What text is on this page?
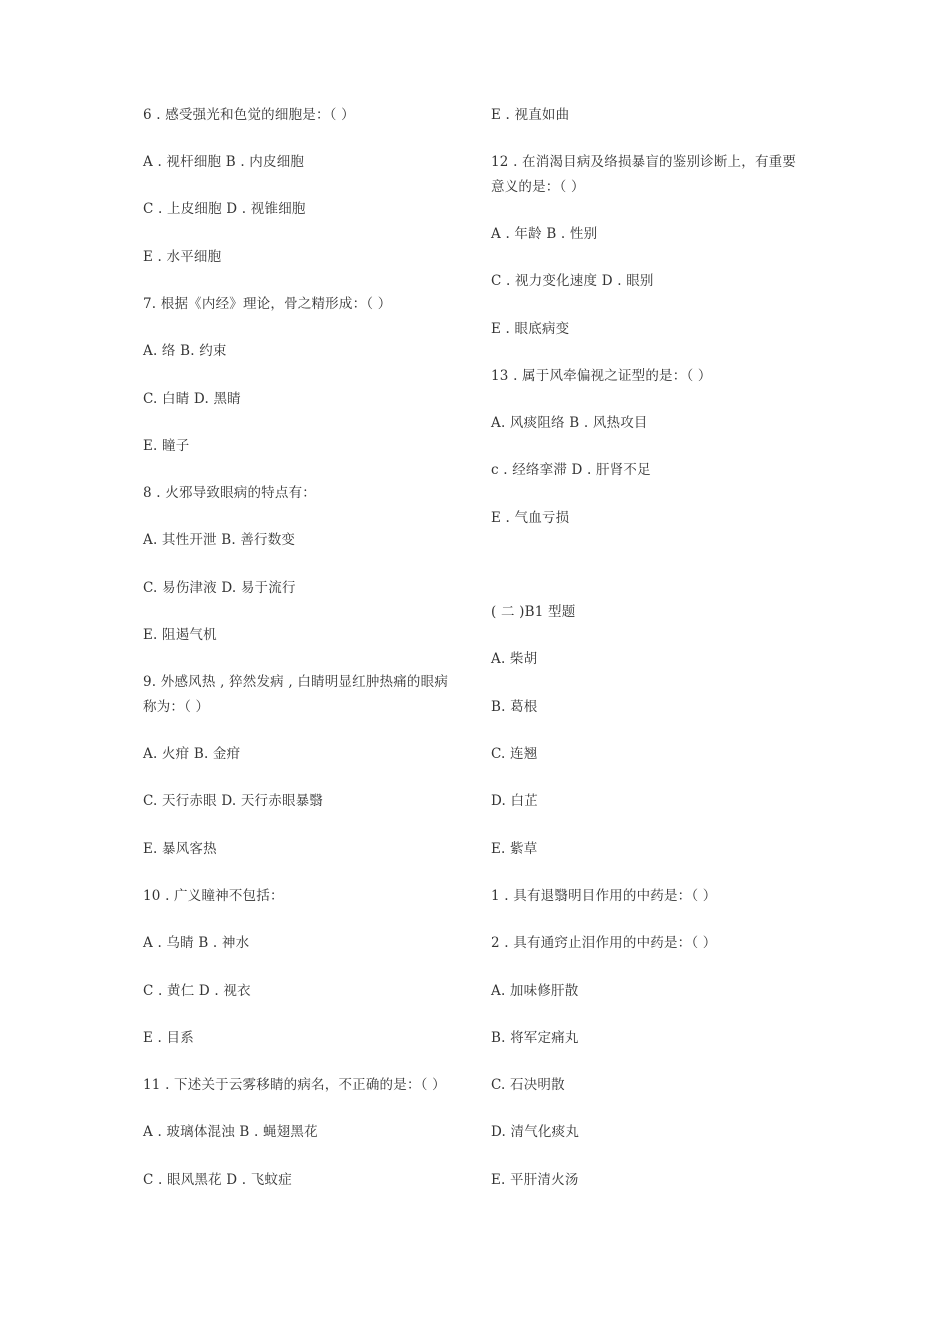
6 . 感受强光和色觉的细胞是：（ ）
A . 视杆细胞 B . 内皮细胞
C . 上皮细胞 D . 视锥细胞
E . 水平细胞
7. 根据《内经》理论，骨之精形成：（ ）
A. 络 B. 约束
C. 白睛 D. 黑睛
E. 瞳子
8 . 火邪导致眼病的特点有：
A. 其性开泄 B. 善行数变
C. 易伤津液 D. 易于流行
E. 阻遏气机
9. 外感风热 , 猝然发病 , 白睛明显红肿热痛的眼病称为：（ ）
A. 火疳 B. 金疳
C. 天行赤眼 D. 天行赤眼暴翳
E. 暴风客热
10 . 广义瞳神不包括：
A . 乌睛 B . 神水
C . 黄仁 D . 视衣
E . 目系
11 . 下述关于云雾移睛的病名，不正确的是：（ ）
A . 玻璃体混浊 B . 蝇翅黑花
C . 眼风黑花 D . 飞蚊症
E . 视直如曲
12 . 在消渴目病及络损暴盲的鉴别诊断上，有重要意义的是：（ ）
A . 年龄 B . 性别
C . 视力变化速度 D . 眼别
E . 眼底病变
13 . 属于风牵偏视之证型的是：（ ）
A. 风痰阻络 B . 风热攻目
c . 经络挛滞 D . 肝肾不足
E . 气血亏损
( 二 )B1 型题
A. 柴胡
B. 葛根
C. 连翘
D. 白芷
E. 紫草
1 . 具有退翳明目作用的中药是：（ ）
2 . 具有通窍止泪作用的中药是：（ ）
A. 加味修肝散
B. 将军定痛丸
C. 石决明散
D. 清气化痰丸
E. 平肝清火汤
